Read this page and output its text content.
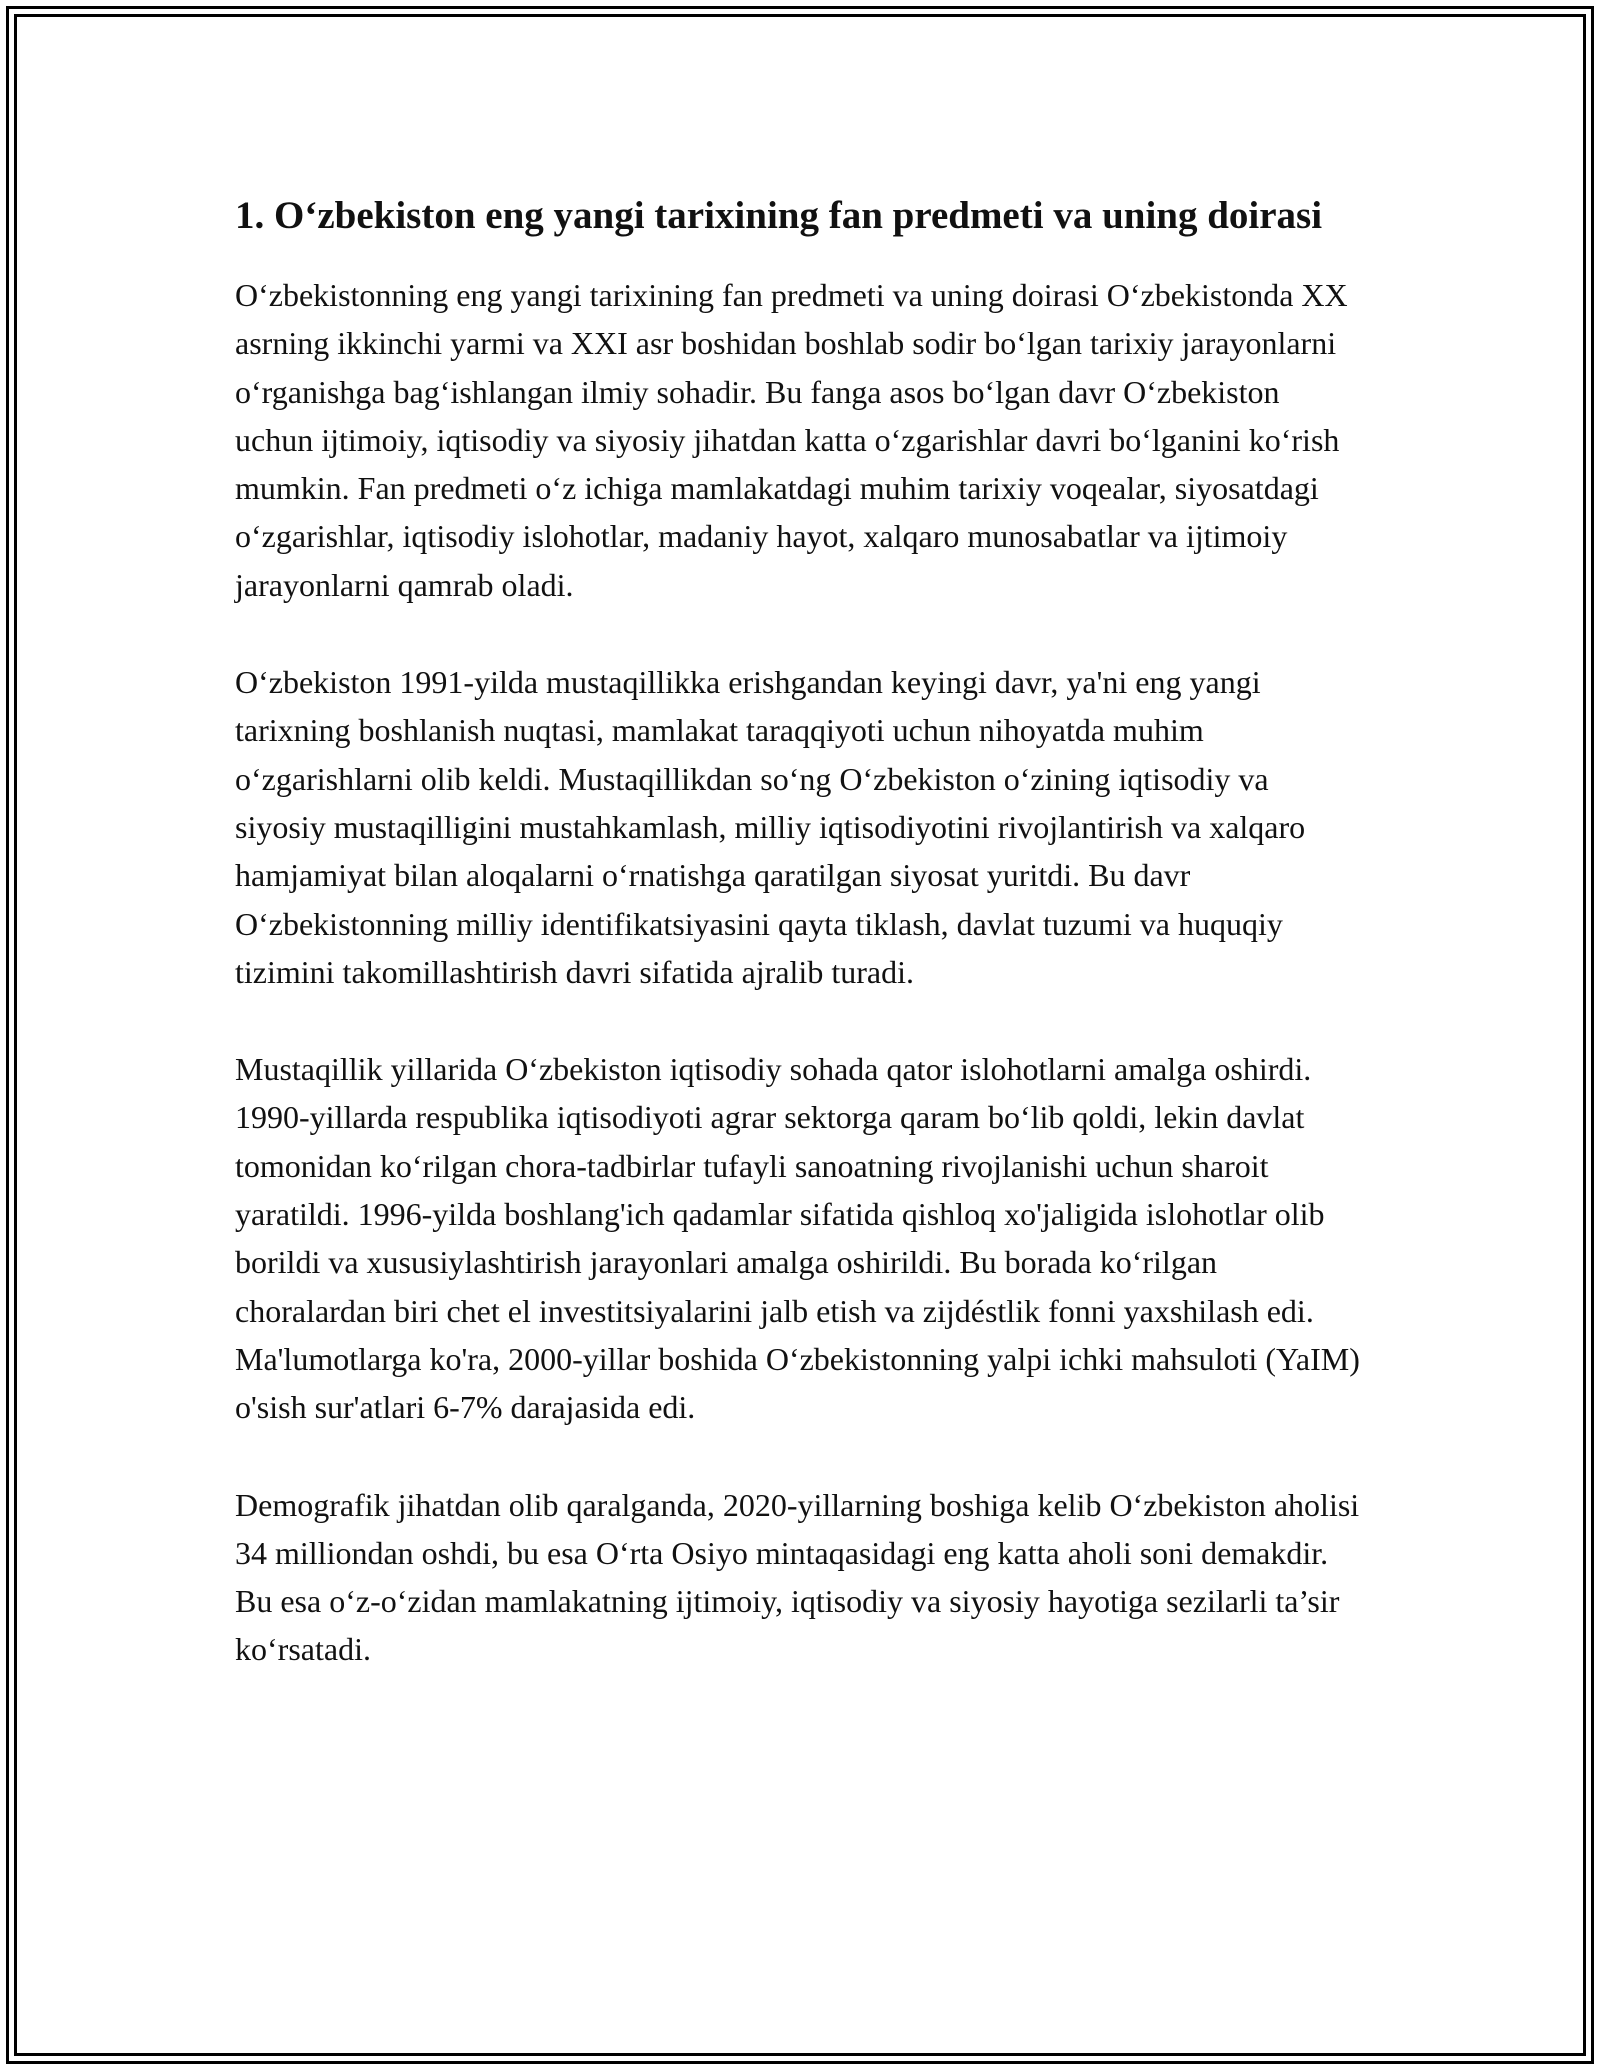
1. O‘zbekiston eng yangi tarixining fan predmeti va uning doirasi

O‘zbekistonning eng yangi tarixining fan predmeti va uning doirasi O‘zbekistonda XX asrning ikkinchi yarmi va XXI asr boshidan boshlab sodir bo‘lgan tarixiy jarayonlarni o‘rganishga bag‘ishlangan ilmiy sohadir. Bu fanga asos bo‘lgan davr O‘zbekiston uchun ijtimoiy, iqtisodiy va siyosiy jihatdan katta o‘zgarishlar davri bo‘lganini ko‘rish mumkin. Fan predmeti o‘z ichiga mamlakatdagi muhim tarixiy voqealar, siyosatdagi o‘zgarishlar, iqtisodiy islohotlar, madaniy hayot, xalqaro munosabatlar va ijtimoiy jarayonlarni qamrab oladi.

O‘zbekiston 1991-yilda mustaqillikka erishgandan keyingi davr, ya'ni eng yangi tarixning boshlanish nuqtasi, mamlakat taraqqiyoti uchun nihoyatda muhim o‘zgarishlarni olib keldi. Mustaqillikdan so‘ng O‘zbekiston o‘zining iqtisodiy va siyosiy mustaqilligini mustahkamlash, milliy iqtisodiyotini rivojlantirish va xalqaro hamjamiyat bilan aloqalarni o‘rnatishga qaratilgan siyosat yuritdi. Bu davr O‘zbekistonning milliy identifikatsiyasini qayta tiklash, davlat tuzumi va huquqiy tizimini takomillashtirish davri sifatida ajralib turadi.

Mustaqillik yillarida O‘zbekiston iqtisodiy sohada qator islohotlarni amalga oshirdi. 1990-yillarda respublika iqtisodiyoti agrar sektorga qaram bo‘lib qoldi, lekin davlat tomonidan ko‘rilgan chora-tadbirlar tufayli sanoatning rivojlanishi uchun sharoit yaratildi. 1996-yilda boshlang'ich qadamlar sifatida qishloq xo'jaligida islohotlar olib borildi va xususiylashtirish jarayonlari amalga oshirildi. Bu borada ko‘rilgan choralardan biri chet el investitsiyalarini jalb etish va zijdéstlik fonni yaxshilash edi. Ma'lumotlarga ko'ra, 2000-yillar boshida O‘zbekistonning yalpi ichki mahsuloti (YaIM) o'sish sur'atlari 6-7% darajasida edi.

Demografik jihatdan olib qaralganda, 2020-yillarning boshiga kelib O‘zbekiston aholisi 34 milliondan oshdi, bu esa O‘rta Osiyo mintaqasidagi eng katta aholi soni demakdir. Bu esa o‘z-o‘zidan mamlakatning ijtimoiy, iqtisodiy va siyosiy hayotiga sezilarli ta’sir ko‘rsatadi.
